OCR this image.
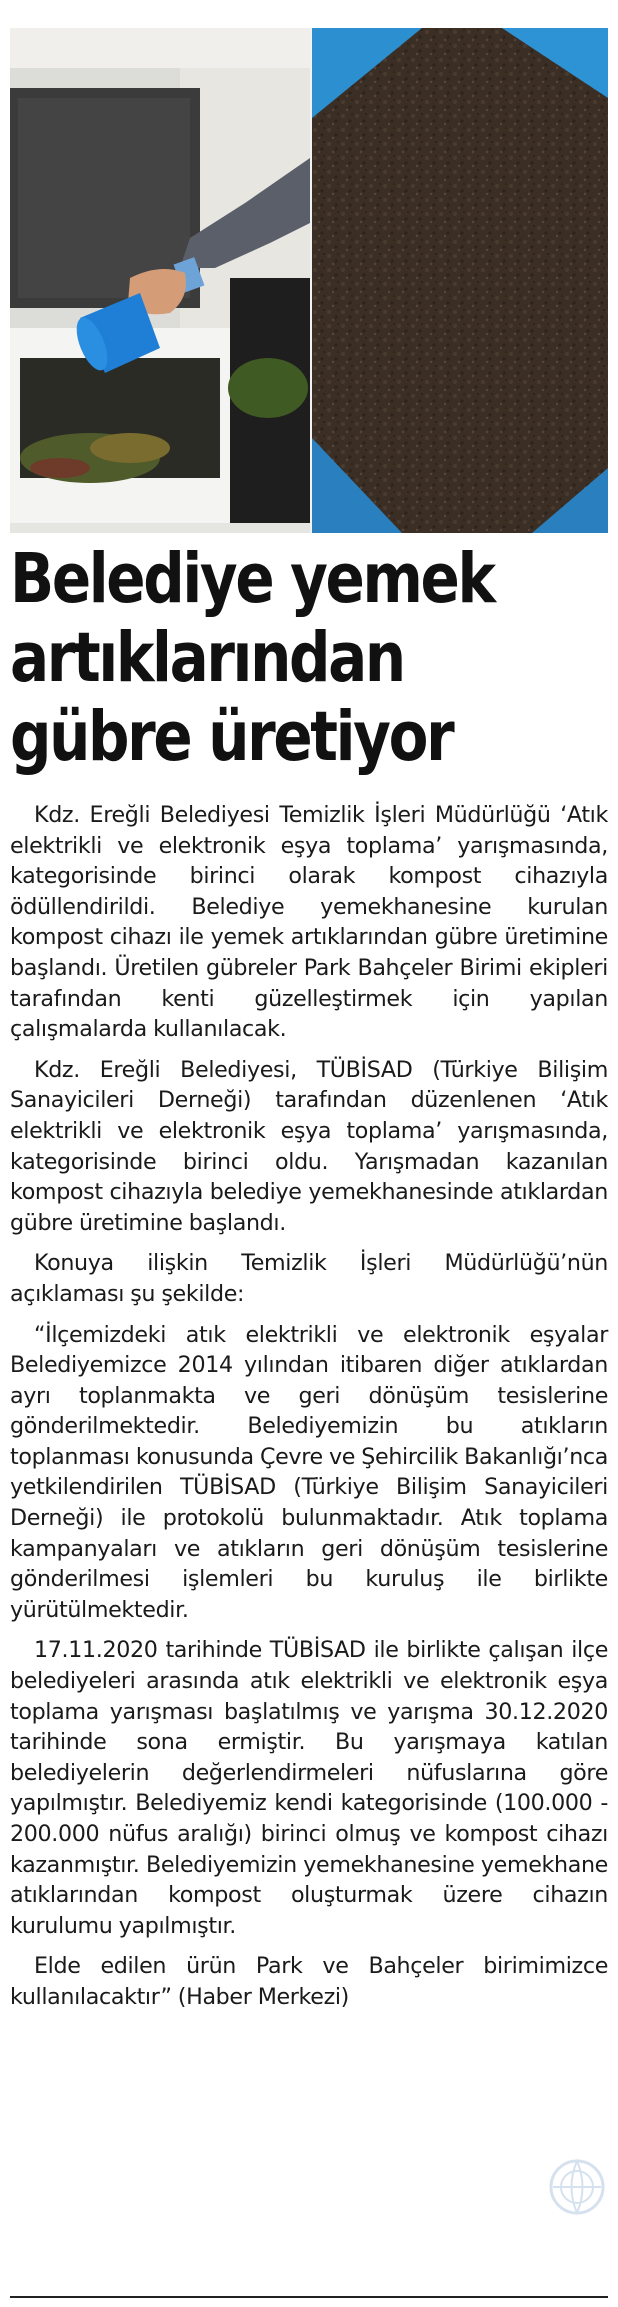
Belediye yemek
artıklarından
gübre üretiyor

Kdz. Ereğli Belediyesi Temizlik İşleri Müdürlüğü ‘Atık elektrikli ve elektronik eşya toplama’ yarışmasında, kategorisinde birinci olarak kompost cihazıyla ödüllendirildi. Belediye yemekhanesine kurulan kompost cihazı ile yemek artıklarından gübre üretimine başlandı. Üretilen gübreler Park Bahçeler Birimi ekipleri tarafından kenti güzelleştirmek için yapılan çalışmalarda kullanılacak.

Kdz. Ereğli Belediyesi, TÜBİSAD (Türkiye Bilişim Sanayicileri Derneği) tarafından düzenlenen ‘Atık elektrikli ve elektronik eşya toplama’ yarışmasında, kategorisinde birinci oldu. Yarışmadan kazanılan kompost cihazıyla belediye yemekhanesinde atıklardan gübre üretimine başlandı.

Konuya ilişkin Temizlik İşleri Müdürlüğü’nün açıklaması şu şekilde:

“İlçemizdeki atık elektrikli ve elektronik eşyalar Belediyemizce 2014 yılından itibaren diğer atıklardan ayrı toplanmakta ve geri dönüşüm tesislerine gönderilmektedir. Belediyemizin bu atıkların toplanması konusunda Çevre ve Şehircilik Bakanlığı’nca yetkilendirilen TÜBİSAD (Türkiye Bilişim Sanayicileri Derneği) ile protokolü bulunmaktadır. Atık toplama kampanyaları ve atıkların geri dönüşüm tesislerine gönderilmesi işlemleri bu kuruluş ile birlikte yürütülmektedir.

17.11.2020 tarihinde TÜBİSAD ile birlikte çalışan ilçe belediyeleri arasında atık elektrikli ve elektronik eşya toplama yarışması başlatılmış ve yarışma 30.12.2020 tarihinde sona ermiştir. Bu yarışmaya katılan belediyelerin değerlendirmeleri nüfuslarına göre yapılmıştır. Belediyemiz kendi kategorisinde (100.000 - 200.000 nüfus aralığı) birinci olmuş ve kompost cihazı kazanmıştır. Belediyemizin yemekhanesine yemekhane atıklarından kompost oluşturmak üzere cihazın kurulumu yapılmıştır.

Elde edilen ürün Park ve Bahçeler birimimizce kullanılacaktır” (Haber Merkezi)
